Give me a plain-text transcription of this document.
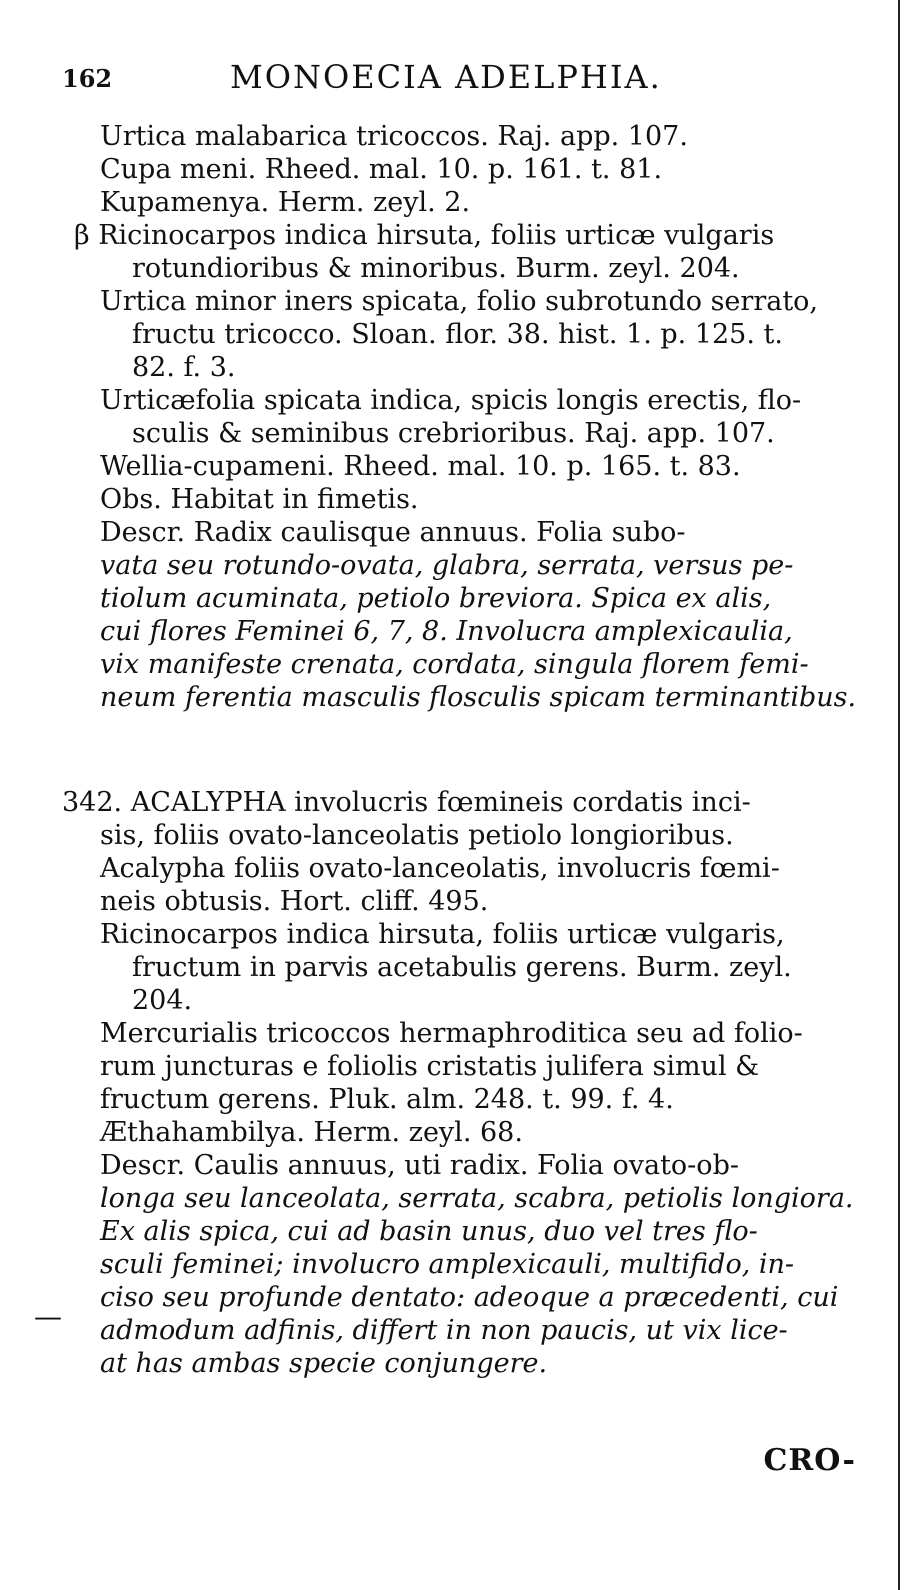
162	MONOECIA ADELPHIA.
Urtica malabarica tricoccos. Raj. app. 107.
Cupa meni. Rheed. mal. 10. p. 161. t. 81.
Kupamenya. Herm. zeyl. 2.
β Ricinocarpos indica hirsuta, foliis urticæ vulgaris
rotundioribus & minoribus. Burm. zeyl. 204.
Urtica minor iners spicata, folio subrotundo serrato,
fructu tricocco. Sloan. flor. 38. hist. 1. p. 125. t.
82. f. 3.
Urticæfolia spicata indica, spicis longis erectis, flo-
sculis & seminibus crebrioribus. Raj. app. 107.
Wellia-cupameni. Rheed. mal. 10. p. 165. t. 83.
Obs. Habitat in fimetis.
Descr. Radix caulisque annuus. Folia subo-
vata seu rotundo-ovata, glabra, serrata, versus pe-
tiolum acuminata, petiolo breviora. Spica ex alis,
cui flores Feminei 6, 7, 8. Involucra amplexicaulia,
vix manifeste crenata, cordata, singula florem femi-
neum ferentia masculis flosculis spicam terminantibus.
342. ACALYPHA involucris fœmineis cordatis inci-
sis, foliis ovato-lanceolatis petiolo longioribus.
Acalypha foliis ovato-lanceolatis, involucris fœmi-
neis obtusis. Hort. cliff. 495.
Ricinocarpos indica hirsuta, foliis urticæ vulgaris,
fructum in parvis acetabulis gerens. Burm. zeyl.
204.
Mercurialis tricoccos hermaphroditica seu ad folio-
rum juncturas e foliolis cristatis julifera simul &
fructum gerens. Pluk. alm. 248. t. 99. f. 4.
Æthahambilya. Herm. zeyl. 68.
Descr. Caulis annuus, uti radix. Folia ovato-ob-
longa seu lanceolata, serrata, scabra, petiolis longiora.
Ex alis spica, cui ad basin unus, duo vel tres flo-
sculi feminei; involucro amplexicauli, multifido, in-
ciso seu profunde dentato: adeoque a præcedenti, cui
admodum adfinis, differt in non paucis, ut vix lice-
at has ambas specie conjungere.
—
CRO-
